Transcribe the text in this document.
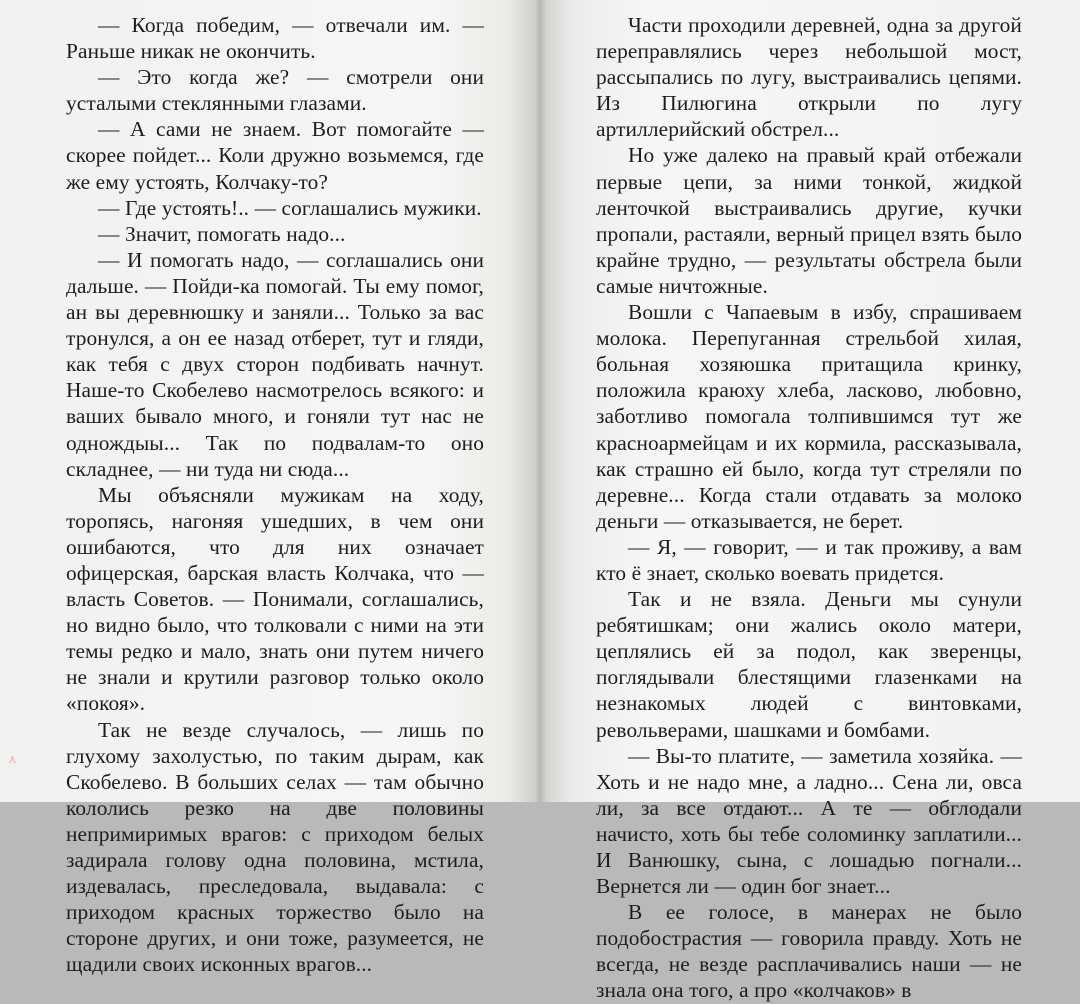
— Когда победим, — отвечали им. — Раньше никак не окончить.

— Это когда же? — смотрели они усталыми стеклянными глазами.

— А сами не знаем. Вот помогайте — скорее пойдет... Коли дружно возьмемся, где же ему устоять, Колчаку-то?

— Где устоять!.. — соглашались мужики.

— Значит, помогать надо...

— И помогать надо, — соглашались они дальше. — Пойди-ка помогай. Ты ему помог, ан вы деревнюшку и заняли... Только за вас тронулся, а он ее назад отберет, тут и гляди, как тебя с двух сторон подбивать начнут. Наше-то Скобелево насмотрелось всякого: и ваших бывало много, и гоняли тут нас не однождыы... Так по подвалам-то оно складнее, — ни туда ни сюда...

Мы объясняли мужикам на ходу, торопясь, нагоняя ушедших, в чем они ошибаются, что для них означает офицерская, барская власть Колчака, что — власть Советов. — Понимали, соглашались, но видно было, что толковали с ними на эти темы редко и мало, знать они путем ничего не знали и крутили разговор только около «покоя».

Так не везде случалось, — лишь по глухому захолустью, по таким дырам, как Скобелево. В больших селах — там обычно кололись резко на две половины непримиримых врагов: с приходом белых задирала голову одна половина, мстила, издевалась, преследовала, выдавала: с приходом красных торжество было на стороне других, и они тоже, разумеется, не щадили своих исконных врагов...

⋏

Части проходили деревней, одна за другой переправлялись через небольшой мост, рассыпались по лугу, выстраивались цепями. Из Пилюгина открыли по лугу артиллерийский обстрел...

Но уже далеко на правый край отбежали первые цепи, за ними тонкой, жидкой ленточкой выстраивались другие, кучки пропали, растаяли, верный прицел взять было крайне трудно, — результаты обстрела были самые ничтожные.

Вошли с Чапаевым в избу, спрашиваем молока. Перепуганная стрельбой хилая, больная хозяюшка притащила кринку, положила краюху хлеба, ласково, любовно, заботливо помогала толпившимся тут же красноармейцам и их кормила, рассказывала, как страшно ей было, когда тут стреляли по деревне... Когда стали отдавать за молоко деньги — отказывается, не берет.

— Я, — говорит, — и так проживу, а вам кто ё знает, сколько воевать придется.

Так и не взяла. Деньги мы сунули ребятишкам; они жались около матери, цеплялись ей за подол, как зверенцы, поглядывали блестящими глазенками на незнакомых людей с винтовками, револьверами, шашками и бомбами.

— Вы-то платите, — заметила хозяйка. — Хоть и не надо мне, а ладно... Сена ли, овса ли, за все отдают... А те — обглодали начисто, хоть бы тебе соломинку заплатили... И Ванюшку, сына, с лошадью погнали... Вернется ли — один бог знает...

В ее голосе, в манерах не было подобострастия — говорила правду. Хоть не всегда, не везде расплачивались наши — не знала она того, а про «колчаков» в
